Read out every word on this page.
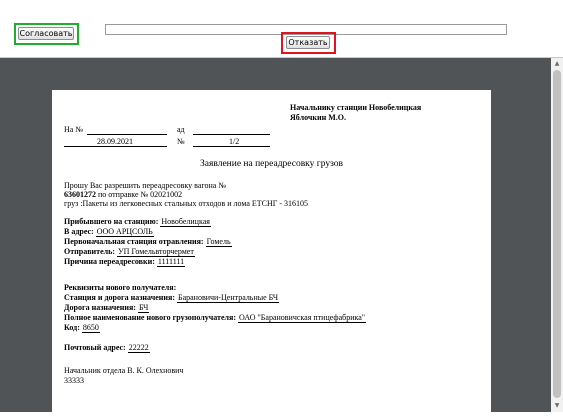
Согласовать
Отказать
▲
▼
Начальнику станции Новобелицкая
Яблочкин М.О.
На №	ад
28.09.2021	№	1/2
Заявление на переадресовку грузов
Прошу Вас разрешить переадресовку вагона №
63601272 по отправке № 02021002
груз :Пакеты из легковесных стальных отходов и лома ЕТСНГ - 316105
Прибывшего на станцию: Новобелицкая
В адрес: ООО АРЦСОЛЬ
Первоначальная станция отравления: Гомель
Отправитель: УП Гомельвторчермет
Причина переадресовки: 1111111
Реквизиты нового получателя:
Станция и дорога назначения: Барановичи-Центральные БЧ
Дорога назначения: БЧ
Полное наименование нового грузополучателя: ОАО "Барановичская птицефабрика"
Код: 8650
Почтовый адрес: 22222
Начальник отдела В. К. Олехнович
33333
